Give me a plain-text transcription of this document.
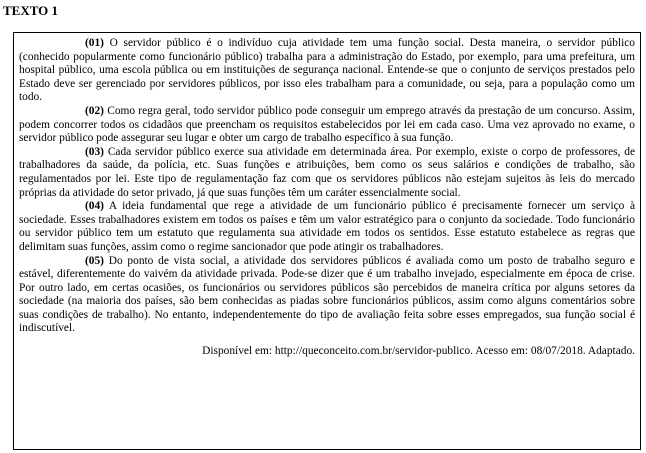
TEXTO 1

(01) O servidor público é o indivíduo cuja atividade tem uma função social. Desta maneira, o servidor público (conhecido popularmente como funcionário público) trabalha para a administração do Estado, por exemplo, para uma prefeitura, um hospital público, uma escola pública ou em instituições de segurança nacional. Entende-se que o conjunto de serviços prestados pelo Estado deve ser gerenciado por servidores públicos, por isso eles trabalham para a comunidade, ou seja, para a população como um todo.

(02) Como regra geral, todo servidor público pode conseguir um emprego através da prestação de um concurso. Assim, podem concorrer todos os cidadãos que preencham os requisitos estabelecidos por lei em cada caso. Uma vez aprovado no exame, o servidor público pode assegurar seu lugar e obter um cargo de trabalho específico à sua função.

(03) Cada servidor público exerce sua atividade em determinada área. Por exemplo, existe o corpo de professores, de trabalhadores da saúde, da polícia, etc. Suas funções e atribuições, bem como os seus salários e condições de trabalho, são regulamentados por lei. Este tipo de regulamentação faz com que os servidores públicos não estejam sujeitos às leis do mercado próprias da atividade do setor privado, já que suas funções têm um caráter essencialmente social.

(04) A ideia fundamental que rege a atividade de um funcionário público é precisamente fornecer um serviço à sociedade. Esses trabalhadores existem em todos os países e têm um valor estratégico para o conjunto da sociedade. Todo funcionário ou servidor público tem um estatuto que regulamenta sua atividade em todos os sentidos. Esse estatuto estabelece as regras que delimitam suas funções, assim como o regime sancionador que pode atingir os trabalhadores.

(05) Do ponto de vista social, a atividade dos servidores públicos é avaliada como um posto de trabalho seguro e estável, diferentemente do vaivém da atividade privada. Pode-se dizer que é um trabalho invejado, especialmente em época de crise. Por outro lado, em certas ocasiões, os funcionários ou servidores públicos são percebidos de maneira crítica por alguns setores da sociedade (na maioria dos países, são bem conhecidas as piadas sobre funcionários públicos, assim como alguns comentários sobre suas condições de trabalho). No entanto, independentemente do tipo de avaliação feita sobre esses empregados, sua função social é indiscutível.

Disponível em: http://queconceito.com.br/servidor-publico. Acesso em: 08/07/2018. Adaptado.
